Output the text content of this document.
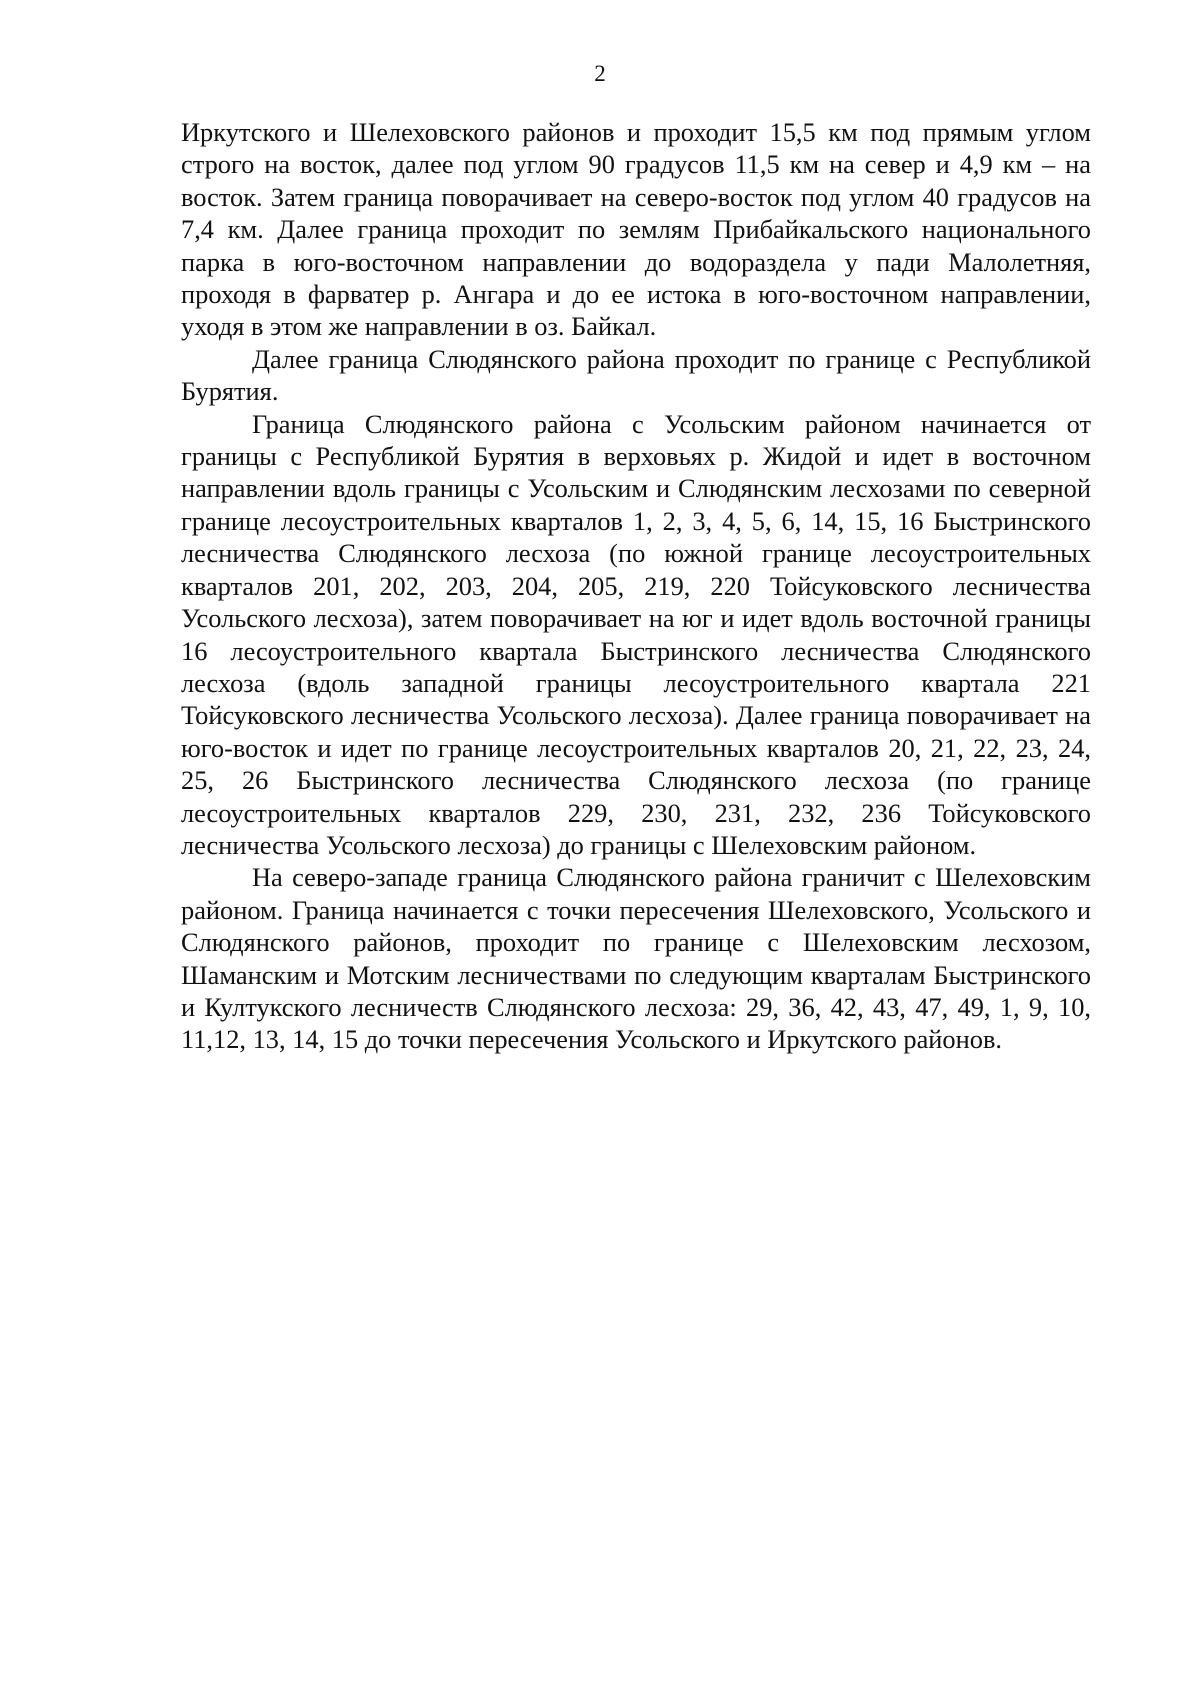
2

Иркутского и Шелеховского районов и проходит 15,5 км под прямым углом строго на восток, далее под углом 90 градусов 11,5 км на север и 4,9 км – на восток. Затем граница поворачивает на северо-восток под углом 40 градусов на 7,4 км. Далее граница проходит по землям Прибайкальского национального парка в юго-восточном направлении до водораздела у пади Малолетняя, проходя в фарватер р. Ангара и до ее истока в юго-восточном направлении, уходя в этом же направлении в оз. Байкал.

Далее граница Слюдянского района проходит по границе с Республикой Бурятия.

Граница Слюдянского района с Усольским районом начинается от границы с Республикой Бурятия в верховьях р. Жидой и идет в восточном направлении вдоль границы с Усольским и Слюдянским лесхозами по северной границе лесоустроительных кварталов 1, 2, 3, 4, 5, 6, 14, 15, 16 Быстринского лесничества Слюдянского лесхоза (по южной границе лесоустроительных кварталов 201, 202, 203, 204, 205, 219, 220 Тойсуковского лесничества Усольского лесхоза), затем поворачивает на юг и идет вдоль восточной границы 16 лесоустроительного квартала Быстринского лесничества Слюдянского лесхоза (вдоль западной границы лесоустроительного квартала 221 Тойсуковского лесничества Усольского лесхоза). Далее граница поворачивает на юго-восток и идет по границе лесоустроительных кварталов 20, 21, 22, 23, 24, 25, 26 Быстринского лесничества Слюдянского лесхоза (по границе лесоустроительных кварталов 229, 230, 231, 232, 236 Тойсуковского лесничества Усольского лесхоза) до границы с Шелеховским районом.

На северо-западе граница Слюдянского района граничит с Шелеховским районом. Граница начинается с точки пересечения Шелеховского, Усольского и Слюдянского районов, проходит по границе с Шелеховским лесхозом, Шаманским и Мотским лесничествами по следующим кварталам Быстринского и Култукского лесничеств Слюдянского лесхоза: 29, 36, 42, 43, 47, 49, 1, 9, 10, 11,12, 13, 14, 15 до точки пересечения Усольского и Иркутского районов.
